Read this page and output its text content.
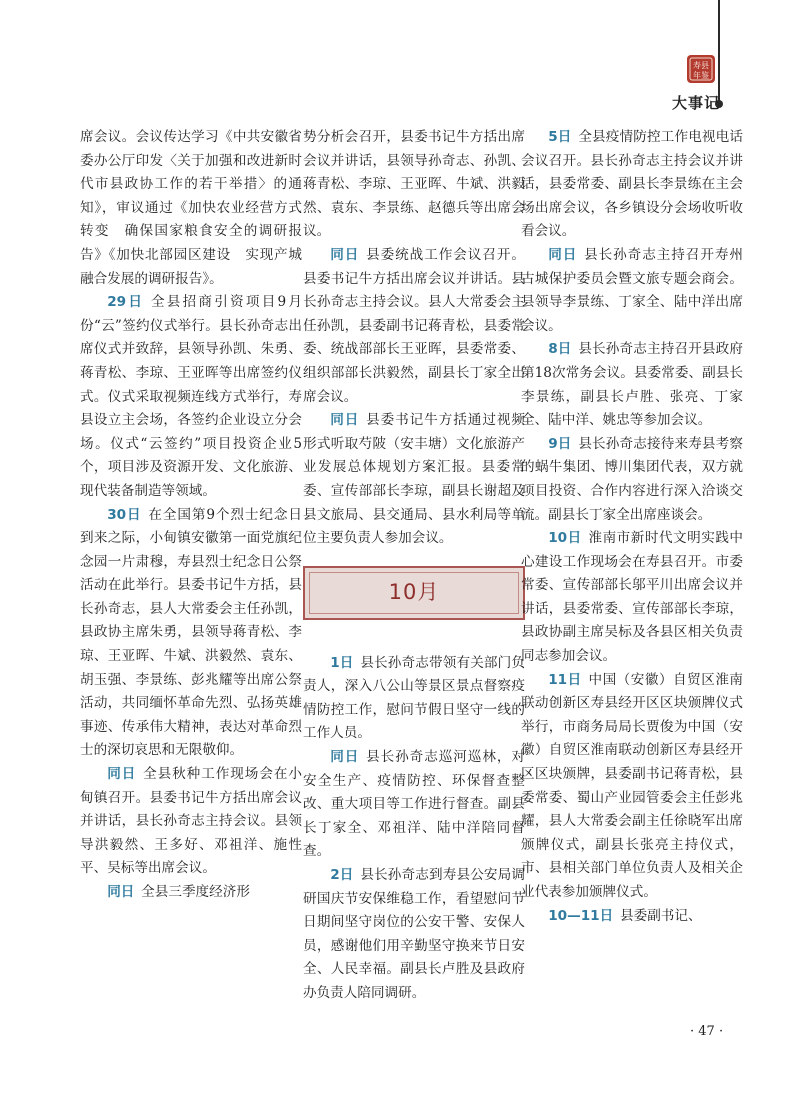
寿县
年鉴
大事记

席会议。会议传达学习《中共安徽省委办公厅印发〈关于加强和改进新时代市县政协工作的若干举措〉的通知》，审议通过《加快农业经营方式转变　确保国家粮食安全的调研报告》《加快北部园区建设　实现产城融合发展的调研报告》。

29日 全县招商引资项目9月份“云”签约仪式举行。县长孙奇志出席仪式并致辞，县领导孙凯、朱勇、蒋青松、李琼、王亚晖等出席签约仪式。仪式采取视频连线方式举行，寿县设立主会场，各签约企业设立分会场。仪式“云签约”项目投资企业5个，项目涉及资源开发、文化旅游、现代装备制造等领域。

30日 在全国第9个烈士纪念日到来之际，小甸镇安徽第一面党旗纪念园一片肃穆，寿县烈士纪念日公祭活动在此举行。县委书记牛方括，县长孙奇志，县人大常委会主任孙凯，县政协主席朱勇，县领导蒋青松、李琼、王亚晖、牛斌、洪毅然、袁东、胡玉强、李景练、彭兆耀等出席公祭活动，共同缅怀革命先烈、弘扬英雄事迹、传承伟大精神，表达对革命烈士的深切哀思和无限敬仰。

同日 全县秋种工作现场会在小甸镇召开。县委书记牛方括出席会议并讲话，县长孙奇志主持会议。县领导洪毅然、王多好、邓祖洋、施性平、吴标等出席会议。

同日 全县三季度经济形

势分析会召开，县委书记牛方括出席会议并讲话，县领导孙奇志、孙凯、蒋青松、李琼、王亚晖、牛斌、洪毅然、袁东、李景练、赵德兵等出席会议。

同日 县委统战工作会议召开。县委书记牛方括出席会议并讲话。县长孙奇志主持会议。县人大常委会主任孙凯，县委副书记蒋青松，县委常委、统战部部长王亚晖，县委常委、组织部部长洪毅然，副县长丁家全出席会议。

同日 县委书记牛方括通过视频形式听取芍陂（安丰塘）文化旅游产业发展总体规划方案汇报。县委常委、宣传部部长李琼，副县长谢超及县文旅局、县交通局、县水利局等单位主要负责人参加会议。

10月

1日 县长孙奇志带领有关部门负责人，深入八公山等景区景点督察疫情防控工作，慰问节假日坚守一线的工作人员。

同日 县长孙奇志巡河巡林，对安全生产、疫情防控、环保督查整改、重大项目等工作进行督查。副县长丁家全、邓祖洋、陆中洋陪同督查。

2日 县长孙奇志到寿县公安局调研国庆节安保维稳工作，看望慰问节日期间坚守岗位的公安干警、安保人员，感谢他们用辛勤坚守换来节日安全、人民幸福。副县长卢胜及县政府办负责人陪同调研。

5日 全县疫情防控工作电视电话会议召开。县长孙奇志主持会议并讲话，县委常委、副县长李景练在主会场出席会议，各乡镇设分会场收听收看会议。

同日 县长孙奇志主持召开寿州古城保护委员会暨文旅专题会商会。县领导李景练、丁家全、陆中洋出席会议。

8日 县长孙奇志主持召开县政府第18次常务会议。县委常委、副县长李景练，副县长卢胜、张亮、丁家全、陆中洋、姚忠等参加会议。

9日 县长孙奇志接待来寿县考察的蜗牛集团、博川集团代表，双方就项目投资、合作内容进行深入洽谈交流。副县长丁家全出席座谈会。

10日 淮南市新时代文明实践中心建设工作现场会在寿县召开。市委常委、宣传部部长邬平川出席会议并讲话，县委常委、宣传部部长李琼，县政协副主席吴标及各县区相关负责同志参加会议。

11日 中国（安徽）自贸区淮南联动创新区寿县经开区区块颁牌仪式举行，市商务局局长贾俊为中国（安徽）自贸区淮南联动创新区寿县经开区区块颁牌，县委副书记蒋青松，县委常委、蜀山产业园管委会主任彭兆耀，县人大常委会副主任徐晓军出席颁牌仪式，副县长张亮主持仪式，市、县相关部门单位负责人及相关企业代表参加颁牌仪式。

10—11日 县委副书记、

· 47 ·
